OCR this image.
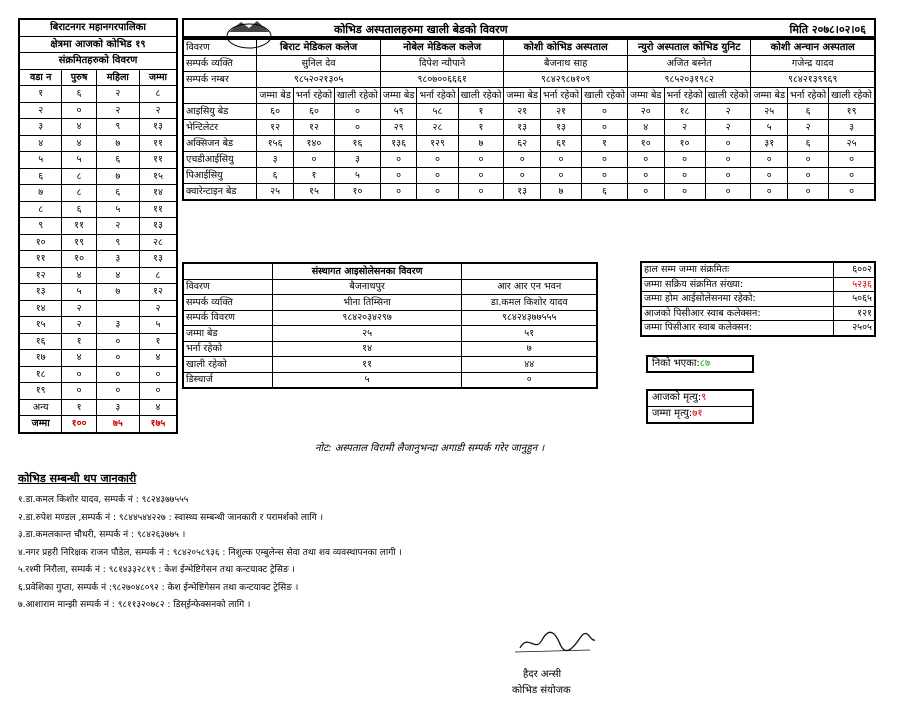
बिराटनगर महानगरपालिका			
क्षेत्रमा आजको कोभिड १९			
संक्रमितहरुको विवरण			
वडा न	पुरुष	महिला	जम्मा
१	६	२	८
२	०	२	२
३	४	९	१३
४	४	७	११
५	५	६	११
६	८	७	१५
७	८	६	१४
८	६	५	११
९	११	२	१३
१०	१९	९	२८
११	१०	३	१३
१२	४	४	८
१३	५	७	१२
१४	२		२
१५	२	३	५
१६	१	०	१
१७	४	०	४
१८	०	०	०
१९	०	०	०
अन्य	१	३	४
जम्मा	१००	७५	१७५
कोभिड अस्पतालहरुमा खाली बेडको विवरण	मिति २०७८।०२।०६
विवरण	बिराट मेडिकल कलेज			नोबेल मेडिकल कलेज			कोशी कोभिड अस्पताल			न्युरो अस्पताल कोभिड युनिट			कोशी अन्चान अस्पताल		
सम्पर्क व्यक्ति	सुनिल देव			दिपेश न्यौपाने			बैजनाथ साह			अजित बस्नेत			गजेन्द्र यादव		
सम्पर्क नम्बर	९८५२०२१३०५			९८०७००६६६१			९८४२९८७१०९			९८५२०३१९८२			९८४२१३९९६९		
	जम्मा बेड	भर्ना रहेको	खाली रहेको	जम्मा बेड	भर्ना रहेको	खाली रहेको	जम्मा बेड	भर्ना रहेको	खाली रहेको	जम्मा बेड	भर्ना रहेको	खाली रहेको	जम्मा बेड	भर्ना रहेको	खाली रहेको
आइसियु बेड	६०	६०	०	५९	५८	१	२१	२१	०	२०	१८	२	२५	६	१९
भेन्टिलेटर	१२	१२	०	२९	२८	१	१३	१३	०	४	२	२	५	२	३
अक्सिजन बेड	१५६	१४०	१६	१३६	१२९	७	६२	६१	१	१०	१०	०	३१	६	२५
एचडीआईसियु	३	०	३	०	०	०	०	०	०	०	०	०	०	०	०
पिआईसियु	६	१	५	०	०	०	०	०	०	०	०	०	०	०	०
क्वारेन्टाइन बेड	२५	१५	१०	०	०	०	१३	७	६	०	०	०	०	०	०
	संस्थागत आइसोलेसनका विवरण	
विवरण	बैजनाथपुर	आर आर एन भवन
सम्पर्क व्यक्ति	भीना तिम्सिना	डा.कमल किशोर यादव
सम्पर्क विवरण	९८४२०३४२९७	९८४२४३७७५५५
जम्मा बेड	२५	५१
भर्ना रहेको	१४	७
खाली रहेको	११	४४
डिस्चार्ज	५	०
हाल सम्म जम्मा संक्रमितः	६००२
जम्मा सक्रिय संक्रमित संख्या:	५२३६
जम्मा होम आईसोलेसनमा रहेको:	५०६५
आजको पिसीआर स्वाब कलेक्सन:	१२१
जम्मा पिसीआर स्वाब कलेक्सन:	२५०५
निको भएका:८७
आजको मृत्यु:९
जम्मा मृत्यु:७१
नोट: अस्पताल विरामी लैजानुभन्दा अगाडी सम्पर्क गरेर जानुहुन ।
कोभिड सम्बन्धी थप जानकारी
१.डा.कमल किशोर यादव, सम्पर्क नं : ९८२४३७७५५५
२.डा.रुपेश मण्डल ,सम्पर्क नं : ९८४४५४४२२७ : स्वास्थ्य सम्बन्धी जानकारी र परामर्शको लागि ।
३.डा.कमलकान्त चौधरी, सम्पर्क नं : ९८४२६३७७५ ।
४.नगर प्रहरी निरिक्षक राजन पौडेल, सम्पर्क नं : ९८४२०५८९३६ : निशुल्क एम्बुलेन्स सेवा तथा शव व्यवस्थापनका लागी ।
५.रश्मी निरौला, सम्पर्क नं : ९८१४३३२८१९ : केश ईन्भेष्टिगेसन तथा कन्टयाक्ट ट्रेसिङ ।
६.प्रवेशिका गुप्ता, सम्पर्क नं :९८२७०४८०९२ : केश ईन्भेष्टिगेसन तथा कन्टयाक्ट ट्रेसिङ ।
७.आशाराम मान्झी सम्पर्क नं : ९८११३२०७८२ : डिस्ईन्फेक्सनको लागि ।
हैदर अन्सी
कोभिड संयोजक
